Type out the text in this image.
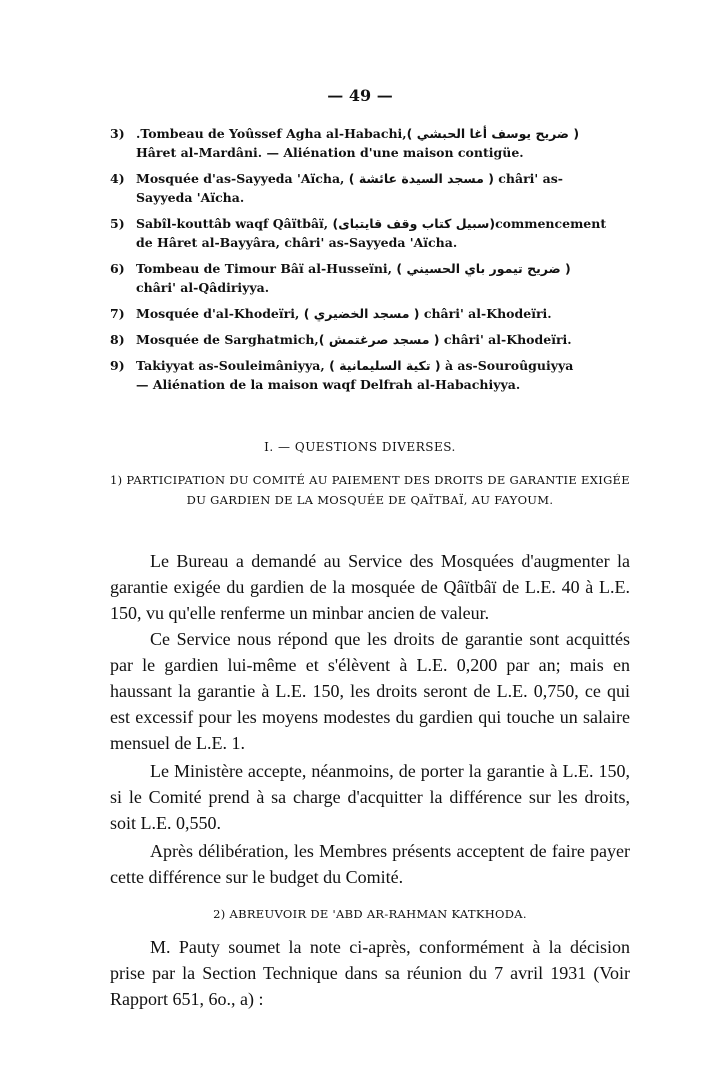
— 49 —
3) .Tombeau de Yoûssef Agha al-Habachi,( ضريح يوسف أغا الحبشي )
Hâret al-Mardâni. — Aliénation d'une maison contigüe.
4) Mosquée d'as-Sayyeda 'Aïcha, ( مسجد السيدة عائشة ) châri' as-
Sayyeda 'Aïcha.
5) Sabîl-kouttâb waqf Qâïtbâï, (سبيل كتاب وقف قايتباى)commencement
de Hâret al-Bayyâra, châri' as-Sayyeda 'Aïcha.
6) Tombeau de Timour Bâï al-Husseïni, ( ضريح تيمور باي الحسيني )
châri' al-Qâdiriyya.
7) Mosquée d'al-Khodeïri, ( مسجد الخضيري ) châri' al-Khodeïri.
8) Mosquée de Sarghatmich,( مسجد صرغتمش ) châri' al-Khodeïri.
9) Takiyyat as-Souleimâniyya, ( تكية السليمانية ) à as-Souroûguiyya
— Aliénation de la maison waqf Delfrah al-Habachiyya.
I. — QUESTIONS DIVERSES.
1) PARTICIPATION DU COMITÉ AU PAIEMENT DES DROITS DE GARANTIE EXIGÉE DU GARDIEN DE LA MOSQUÉE DE QAÏTBAÏ, AU FAYOUM.

Le Bureau a demandé au Service des Mosquées d'augmenter la garantie exigée du gardien de la mosquée de Qâïtbâï de L.E. 40 à L.E. 150, vu qu'elle renferme un minbar ancien de valeur.

Ce Service nous répond que les droits de garantie sont acquittés par le gardien lui-même et s'élèvent à L.E. 0,200 par an; mais en haussant la garantie à L.E. 150, les droits seront de L.E. 0,750, ce qui est excessif pour les moyens modestes du gardien qui touche un salaire mensuel de L.E. 1.

Le Ministère accepte, néanmoins, de porter la garantie à L.E. 150, si le Comité prend à sa charge d'acquitter la différence sur les droits, soit L.E. 0,550.

Après délibération, les Membres présents acceptent de faire payer cette différence sur le budget du Comité.

2) ABREUVOIR DE 'ABD AR-RAHMAN KATKHODA.

M. Pauty soumet la note ci-après, conformément à la décision prise par la Section Technique dans sa réunion du 7 avril 1931 (Voir Rapport 651, 6o., a) :
